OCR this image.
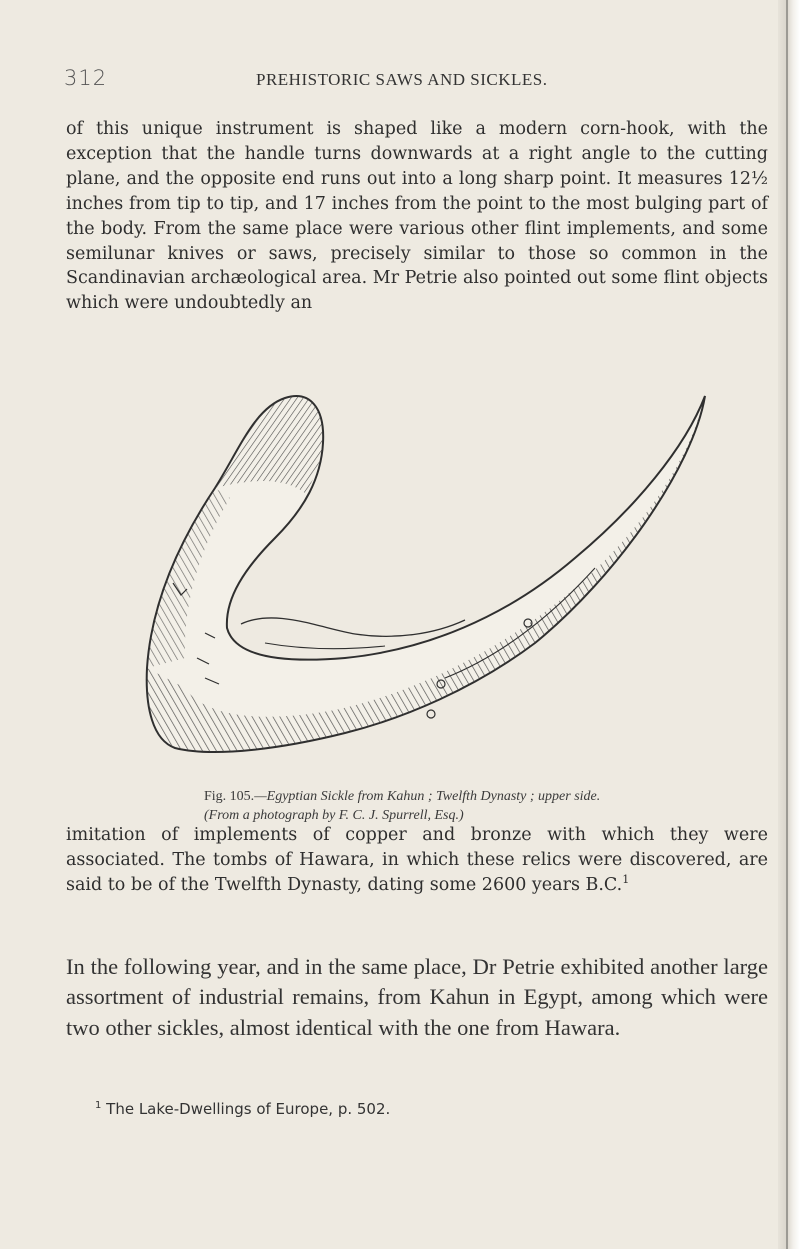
312	PREHISTORIC SAWS AND SICKLES.

of this unique instrument is shaped like a modern corn-hook, with the exception that the handle turns downwards at a right angle to the cutting plane, and the opposite end runs out into a long sharp point. It measures 12½ inches from tip to tip, and 17 inches from the point to the most bulging part of the body. From the same place were various other flint implements, and some semilunar knives or saws, precisely similar to those so common in the Scandinavian archæological area. Mr Petrie also pointed out some flint objects which were undoubtedly an

Fig. 105.—Egyptian Sickle from Kahun ; Twelfth Dynasty ; upper side.
(From a photograph by F. C. J. Spurrell, Esq.)

imitation of implements of copper and bronze with which they were associated. The tombs of Hawara, in which these relics were discovered, are said to be of the Twelfth Dynasty, dating some 2600 years B.C.$^1$

In the following year, and in the same place, Dr Petrie exhibited another large assortment of industrial remains, from Kahun in Egypt, among which were two other sickles, almost identical with the one from Hawara.

$^1$ The Lake-Dwellings of Europe, p. 502.
